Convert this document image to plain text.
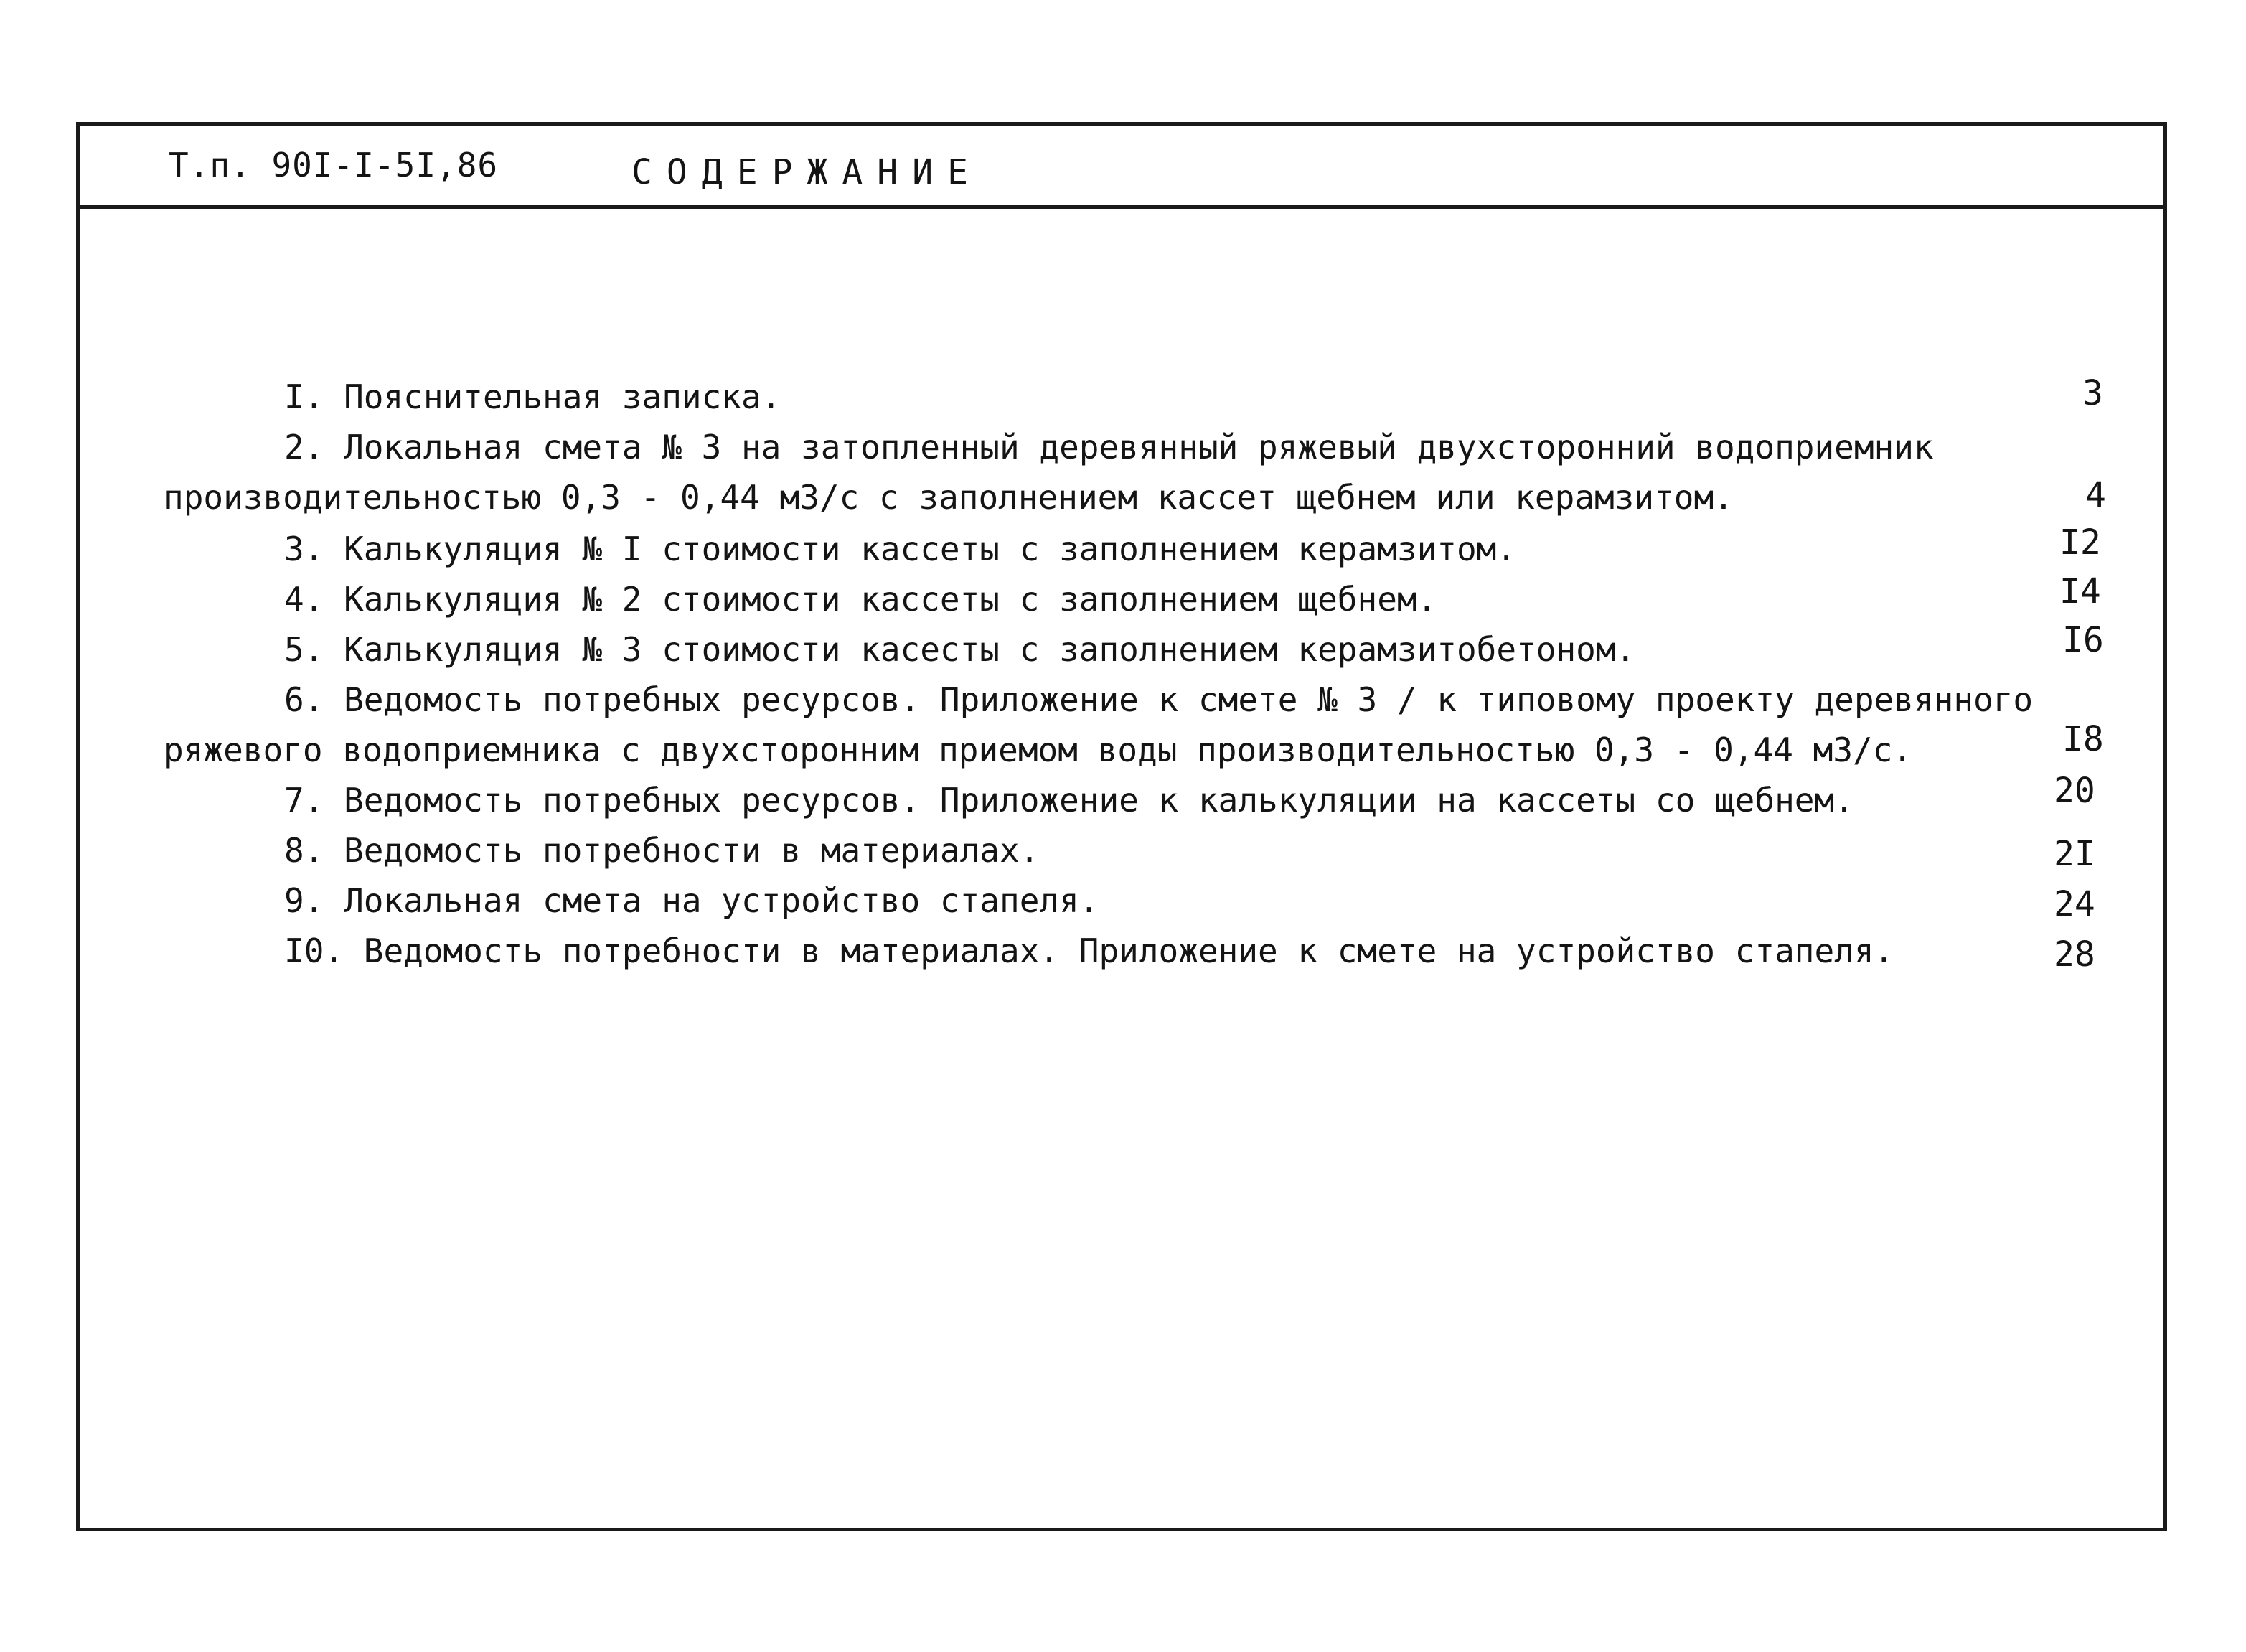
Т.п. 90I-I-5I,86	СОДЕРЖАНИЕ
I. Пояснительная записка.	3
2. Локальная смета № 3 на затопленный деревянный ряжевый двухсторонний водоприемник
производительностью 0,3 - 0,44 м3/с с заполнением кассет щебнем или керамзитом.	4
3. Калькуляция № I стоимости кассеты с заполнением керамзитом.	I2
4. Калькуляция № 2 стоимости кассеты с заполнением щебнем.	I4
5. Калькуляция № 3 стоимости касесты с заполнением керамзитобетоном.	I6
6. Ведомость потребных ресурсов. Приложение к смете № 3 / к типовому проекту деревянного
ряжевого водоприемника с двухсторонним приемом воды производительностью 0,3 - 0,44 м3/с.	I8
7. Ведомость потребных ресурсов. Приложение к калькуляции на кассеты со щебнем.	20
8. Ведомость потребности в материалах.	2I
9. Локальная смета на устройство стапеля.	24
I0. Ведомость потребности в материалах. Приложение к смете на устройство стапеля.	28
